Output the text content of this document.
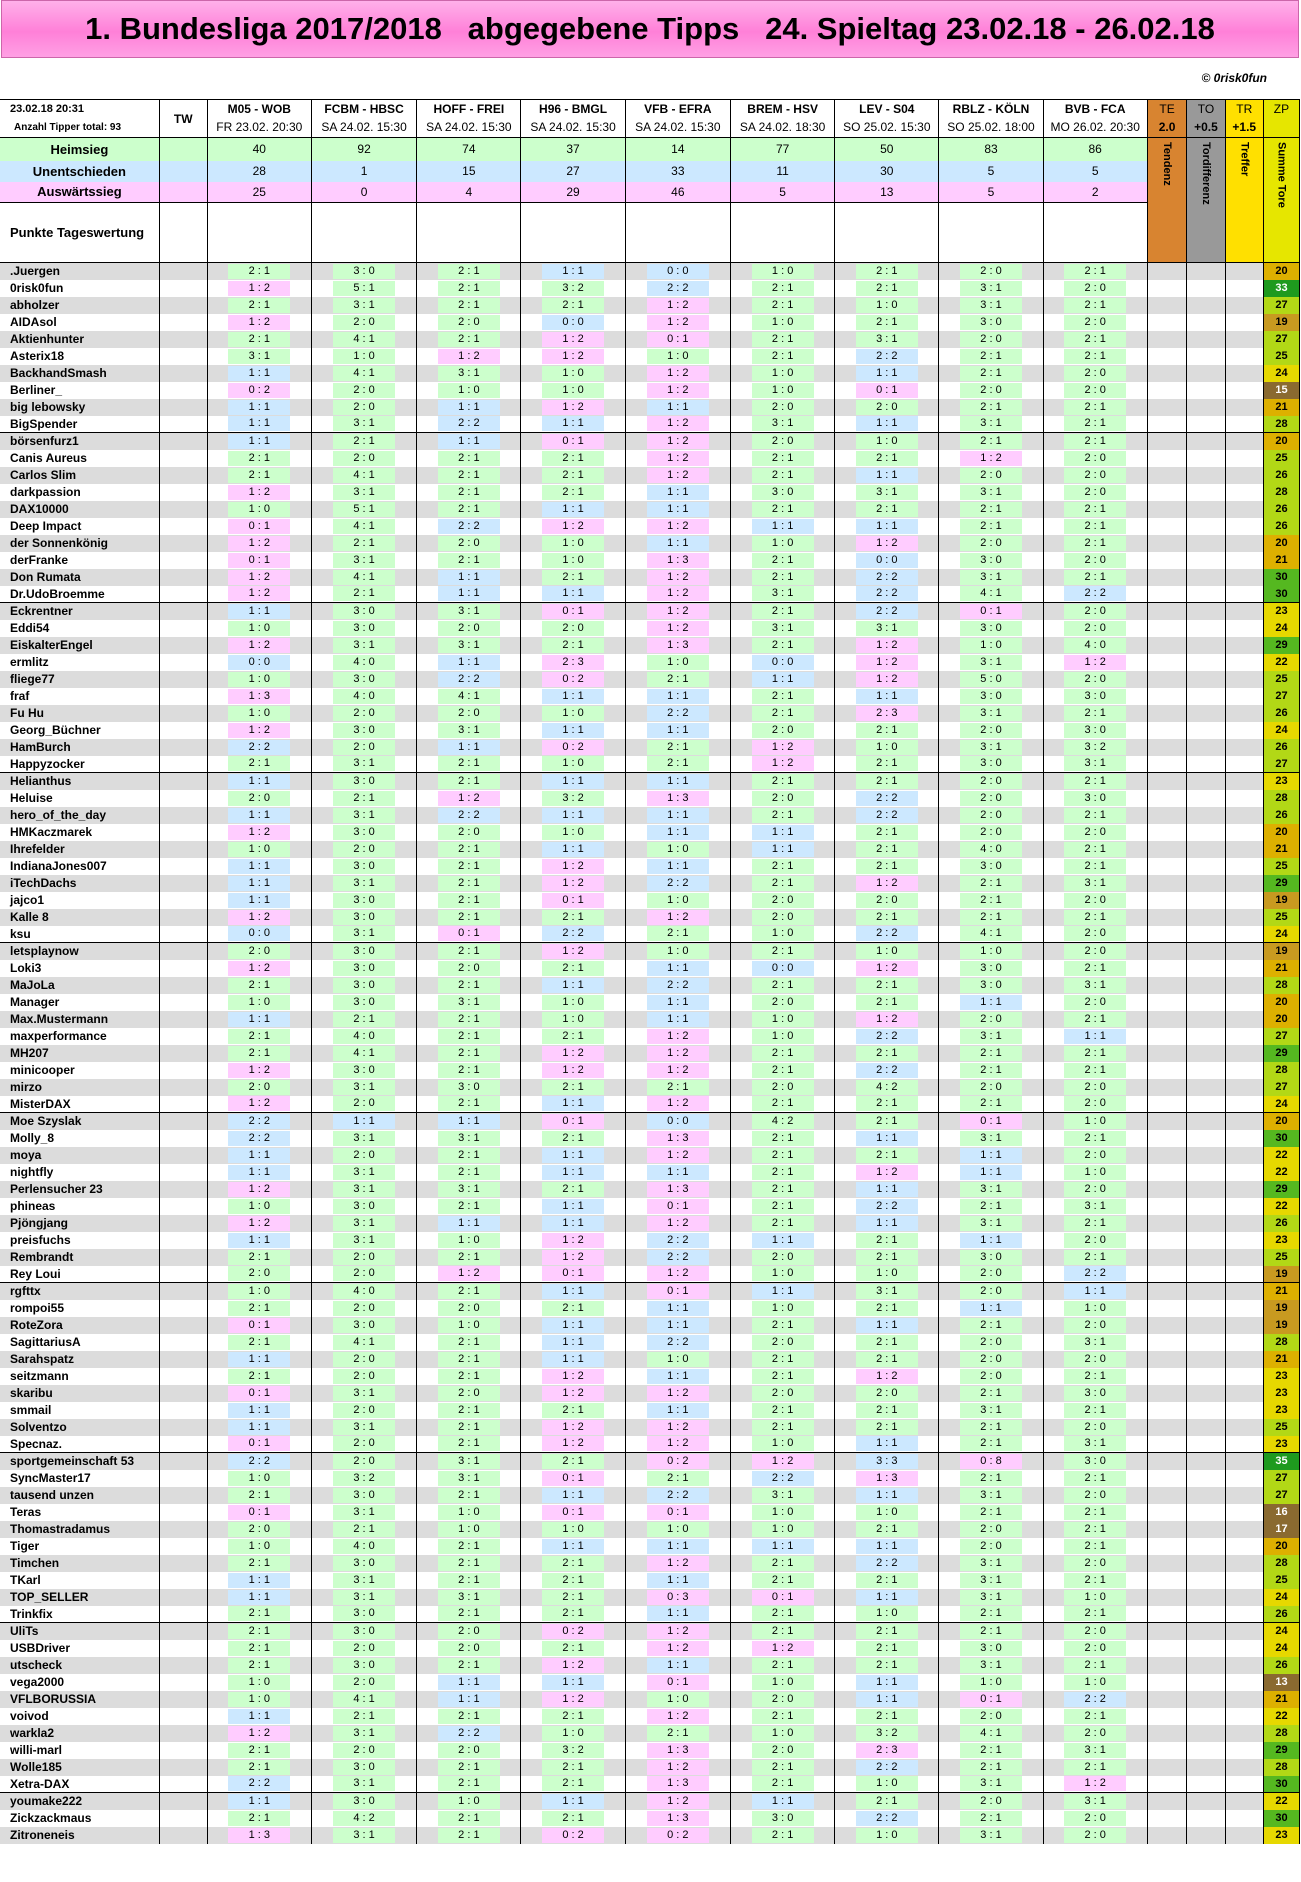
1. Bundesliga 2017/2018   abgegebene Tipps   24. Spieltag 23.02.18 - 26.02.18
© 0risk0fun
23.02.18 20:31	TW	M05 - WOB	FCBM - HBSC	HOFF - FREI	H96 - BMGL	VFB - EFRA	BREM - HSV	LEV - S04	RBLZ - KÖLN	BVB - FCA	TE	TO	TR	ZP
Anzahl Tipper total: 93		FR 23.02. 20:30	SA 24.02. 15:30	SA 24.02. 15:30	SA 24.02. 15:30	SA 24.02. 15:30	SA 24.02. 18:30	SO 25.02. 15:30	SO 25.02. 18:00	MO 26.02. 20:30	2.0	+0.5	+1.5	
Heimsieg		40	92	74	37	14	77	50	83	86	Tendenz	Tordifferenz	Treffer	Summe Tore
Unentschieden		28	1	15	27	33	11	30	5	5				
Auswärtssieg		25	0	4	29	46	5	13	5	2				
Punkte Tageswertung														
.Juergen		2 : 1	3 : 0	2 : 1	1 : 1	0 : 0	1 : 0	2 : 1	2 : 0	2 : 1				20
0risk0fun		1 : 2	5 : 1	2 : 1	3 : 2	2 : 2	2 : 1	2 : 1	3 : 1	2 : 0				33
abholzer		2 : 1	3 : 1	2 : 1	2 : 1	1 : 2	2 : 1	1 : 0	3 : 1	2 : 1				27
AIDAsol		1 : 2	2 : 0	2 : 0	0 : 0	1 : 2	1 : 0	2 : 1	3 : 0	2 : 0				19
Aktienhunter		2 : 1	4 : 1	2 : 1	1 : 2	0 : 1	2 : 1	3 : 1	2 : 0	2 : 1				27
Asterix18		3 : 1	1 : 0	1 : 2	1 : 2	1 : 0	2 : 1	2 : 2	2 : 1	2 : 1				25
BackhandSmash		1 : 1	4 : 1	3 : 1	1 : 0	1 : 2	1 : 0	1 : 1	2 : 1	2 : 0				24
Berliner_		0 : 2	2 : 0	1 : 0	1 : 0	1 : 2	1 : 0	0 : 1	2 : 0	2 : 0				15
big lebowsky		1 : 1	2 : 0	1 : 1	1 : 2	1 : 1	2 : 0	2 : 0	2 : 1	2 : 1				21
BigSpender		1 : 1	3 : 1	2 : 2	1 : 1	1 : 2	3 : 1	1 : 1	3 : 1	2 : 1				28
börsenfurz1		1 : 1	2 : 1	1 : 1	0 : 1	1 : 2	2 : 0	1 : 0	2 : 1	2 : 1				20
Canis Aureus		2 : 1	2 : 0	2 : 1	2 : 1	1 : 2	2 : 1	2 : 1	1 : 2	2 : 0				25
Carlos Slim		2 : 1	4 : 1	2 : 1	2 : 1	1 : 2	2 : 1	1 : 1	2 : 0	2 : 0				26
darkpassion		1 : 2	3 : 1	2 : 1	2 : 1	1 : 1	3 : 0	3 : 1	3 : 1	2 : 0				28
DAX10000		1 : 0	5 : 1	2 : 1	1 : 1	1 : 1	2 : 1	2 : 1	2 : 1	2 : 1				26
Deep Impact		0 : 1	4 : 1	2 : 2	1 : 2	1 : 2	1 : 1	1 : 1	2 : 1	2 : 1				26
der Sonnenkönig		1 : 2	2 : 1	2 : 0	1 : 0	1 : 1	1 : 0	1 : 2	2 : 0	2 : 1				20
derFranke		0 : 1	3 : 1	2 : 1	1 : 0	1 : 3	2 : 1	0 : 0	3 : 0	2 : 0				21
Don Rumata		1 : 2	4 : 1	1 : 1	2 : 1	1 : 2	2 : 1	2 : 2	3 : 1	2 : 1				30
Dr.UdoBroemme		1 : 2	2 : 1	1 : 1	1 : 1	1 : 2	3 : 1	2 : 2	4 : 1	2 : 2				30
Eckrentner		1 : 1	3 : 0	3 : 1	0 : 1	1 : 2	2 : 1	2 : 2	0 : 1	2 : 0				23
Eddi54		1 : 0	3 : 0	2 : 0	2 : 0	1 : 2	3 : 1	3 : 1	3 : 0	2 : 0				24
EiskalterEngel		1 : 2	3 : 1	3 : 1	2 : 1	1 : 3	2 : 1	1 : 2	1 : 0	4 : 0				29
ermlitz		0 : 0	4 : 0	1 : 1	2 : 3	1 : 0	0 : 0	1 : 2	3 : 1	1 : 2				22
fliege77		1 : 0	3 : 0	2 : 2	0 : 2	2 : 1	1 : 1	1 : 2	5 : 0	2 : 0				25
fraf		1 : 3	4 : 0	4 : 1	1 : 1	1 : 1	2 : 1	1 : 1	3 : 0	3 : 0				27
Fu Hu		1 : 0	2 : 0	2 : 0	1 : 0	2 : 2	2 : 1	2 : 3	3 : 1	2 : 1				26
Georg_Büchner		1 : 2	3 : 0	3 : 1	1 : 1	1 : 1	2 : 0	2 : 1	2 : 0	3 : 0				24
HamBurch		2 : 2	2 : 0	1 : 1	0 : 2	2 : 1	1 : 2	1 : 0	3 : 1	3 : 2				26
Happyzocker		2 : 1	3 : 1	2 : 1	1 : 0	2 : 1	1 : 2	2 : 1	3 : 0	3 : 1				27
Helianthus		1 : 1	3 : 0	2 : 1	1 : 1	1 : 1	2 : 1	2 : 1	2 : 0	2 : 1				23
Heluise		2 : 0	2 : 1	1 : 2	3 : 2	1 : 3	2 : 0	2 : 2	2 : 0	3 : 0				28
hero_of_the_day		1 : 1	3 : 1	2 : 2	1 : 1	1 : 1	2 : 1	2 : 2	2 : 0	2 : 1				26
HMKaczmarek		1 : 2	3 : 0	2 : 0	1 : 0	1 : 1	1 : 1	2 : 1	2 : 0	2 : 0				20
Ihrefelder		1 : 0	2 : 0	2 : 1	1 : 1	1 : 0	1 : 1	2 : 1	4 : 0	2 : 1				21
IndianaJones007		1 : 1	3 : 0	2 : 1	1 : 2	1 : 1	2 : 1	2 : 1	3 : 0	2 : 1				25
iTechDachs		1 : 1	3 : 1	2 : 1	1 : 2	2 : 2	2 : 1	1 : 2	2 : 1	3 : 1				29
jajco1		1 : 1	3 : 0	2 : 1	0 : 1	1 : 0	2 : 0	2 : 0	2 : 1	2 : 0				19
Kalle 8		1 : 2	3 : 0	2 : 1	2 : 1	1 : 2	2 : 0	2 : 1	2 : 1	2 : 1				25
ksu		0 : 0	3 : 1	0 : 1	2 : 2	2 : 1	1 : 0	2 : 2	4 : 1	2 : 0				24
letsplaynow		2 : 0	3 : 0	2 : 1	1 : 2	1 : 0	2 : 1	1 : 0	1 : 0	2 : 0				19
Loki3		1 : 2	3 : 0	2 : 0	2 : 1	1 : 1	0 : 0	1 : 2	3 : 0	2 : 1				21
MaJoLa		2 : 1	3 : 0	2 : 1	1 : 1	2 : 2	2 : 1	2 : 1	3 : 0	3 : 1				28
Manager		1 : 0	3 : 0	3 : 1	1 : 0	1 : 1	2 : 0	2 : 1	1 : 1	2 : 0				20
Max.Mustermann		1 : 1	2 : 1	2 : 1	1 : 0	1 : 1	1 : 0	1 : 2	2 : 0	2 : 1				20
maxperformance		2 : 1	4 : 0	2 : 1	2 : 1	1 : 2	1 : 0	2 : 2	3 : 1	1 : 1				27
MH207		2 : 1	4 : 1	2 : 1	1 : 2	1 : 2	2 : 1	2 : 1	2 : 1	2 : 1				29
minicooper		1 : 2	3 : 0	2 : 1	1 : 2	1 : 2	2 : 1	2 : 2	2 : 1	2 : 1				28
mirzo		2 : 0	3 : 1	3 : 0	2 : 1	2 : 1	2 : 0	4 : 2	2 : 0	2 : 0				27
MisterDAX		1 : 2	2 : 0	2 : 1	1 : 1	1 : 2	2 : 1	2 : 1	2 : 1	2 : 0				24
Moe Szyslak		2 : 2	1 : 1	1 : 1	0 : 1	0 : 0	4 : 2	2 : 1	0 : 1	1 : 0				20
Molly_8		2 : 2	3 : 1	3 : 1	2 : 1	1 : 3	2 : 1	1 : 1	3 : 1	2 : 1				30
moya		1 : 1	2 : 0	2 : 1	1 : 1	1 : 2	2 : 1	2 : 1	1 : 1	2 : 0				22
nightfly		1 : 1	3 : 1	2 : 1	1 : 1	1 : 1	2 : 1	1 : 2	1 : 1	1 : 0				22
Perlensucher 23		1 : 2	3 : 1	3 : 1	2 : 1	1 : 3	2 : 1	1 : 1	3 : 1	2 : 0				29
phineas		1 : 0	3 : 0	2 : 1	1 : 1	0 : 1	2 : 1	2 : 2	2 : 1	3 : 1				22
Pjöngjang		1 : 2	3 : 1	1 : 1	1 : 1	1 : 2	2 : 1	1 : 1	3 : 1	2 : 1				26
preisfuchs		1 : 1	3 : 1	1 : 0	1 : 2	2 : 2	1 : 1	2 : 1	1 : 1	2 : 0				23
Rembrandt		2 : 1	2 : 0	2 : 1	1 : 2	2 : 2	2 : 0	2 : 1	3 : 0	2 : 1				25
Rey Loui		2 : 0	2 : 0	1 : 2	0 : 1	1 : 2	1 : 0	1 : 0	2 : 0	2 : 2				19
rgfttx		1 : 0	4 : 0	2 : 1	1 : 1	0 : 1	1 : 1	3 : 1	2 : 0	1 : 1				21
rompoi55		2 : 1	2 : 0	2 : 0	2 : 1	1 : 1	1 : 0	2 : 1	1 : 1	1 : 0				19
RoteZora		0 : 1	3 : 0	1 : 0	1 : 1	1 : 1	2 : 1	1 : 1	2 : 1	2 : 0				19
SagittariusA		2 : 1	4 : 1	2 : 1	1 : 1	2 : 2	2 : 0	2 : 1	2 : 0	3 : 1				28
Sarahspatz		1 : 1	2 : 0	2 : 1	1 : 1	1 : 0	2 : 1	2 : 1	2 : 0	2 : 0				21
seitzmann		2 : 1	2 : 0	2 : 1	1 : 2	1 : 1	2 : 1	1 : 2	2 : 0	2 : 1				23
skaribu		0 : 1	3 : 1	2 : 0	1 : 2	1 : 2	2 : 0	2 : 0	2 : 1	3 : 0				23
smmail		1 : 1	2 : 0	2 : 1	2 : 1	1 : 1	2 : 1	2 : 1	3 : 1	2 : 1				23
Solventzo		1 : 1	3 : 1	2 : 1	1 : 2	1 : 2	2 : 1	2 : 1	2 : 1	2 : 0				25
Specnaz.		0 : 1	2 : 0	2 : 1	1 : 2	1 : 2	1 : 0	1 : 1	2 : 1	3 : 1				23
sportgemeinschaft 53		2 : 2	2 : 0	3 : 1	2 : 1	0 : 2	1 : 2	3 : 3	0 : 8	3 : 0				35
SyncMaster17		1 : 0	3 : 2	3 : 1	0 : 1	2 : 1	2 : 2	1 : 3	2 : 1	2 : 1				27
tausend unzen		2 : 1	3 : 0	2 : 1	1 : 1	2 : 2	3 : 1	1 : 1	3 : 1	2 : 0				27
Teras		0 : 1	3 : 1	1 : 0	0 : 1	0 : 1	1 : 0	1 : 0	2 : 1	2 : 1				16
Thomastradamus		2 : 0	2 : 1	1 : 0	1 : 0	1 : 0	1 : 0	2 : 1	2 : 0	2 : 1				17
Tiger		1 : 0	4 : 0	2 : 1	1 : 1	1 : 1	1 : 1	1 : 1	2 : 0	2 : 1				20
Timchen		2 : 1	3 : 0	2 : 1	2 : 1	1 : 2	2 : 1	2 : 2	3 : 1	2 : 0				28
TKarl		1 : 1	3 : 1	2 : 1	2 : 1	1 : 1	2 : 1	2 : 1	3 : 1	2 : 1				25
TOP_SELLER		1 : 1	3 : 1	3 : 1	2 : 1	0 : 3	0 : 1	1 : 1	3 : 1	1 : 0				24
Trinkfix		2 : 1	3 : 0	2 : 1	2 : 1	1 : 1	2 : 1	1 : 0	2 : 1	2 : 1				26
UliTs		2 : 1	3 : 0	2 : 0	0 : 2	1 : 2	2 : 1	2 : 1	2 : 1	2 : 0				24
USBDriver		2 : 1	2 : 0	2 : 0	2 : 1	1 : 2	1 : 2	2 : 1	3 : 0	2 : 0				24
utscheck		2 : 1	3 : 0	2 : 1	1 : 2	1 : 1	2 : 1	2 : 1	3 : 1	2 : 1				26
vega2000		1 : 0	2 : 0	1 : 1	1 : 1	0 : 1	1 : 0	1 : 1	1 : 0	1 : 0				13
VFLBORUSSIA		1 : 0	4 : 1	1 : 1	1 : 2	1 : 0	2 : 0	1 : 1	0 : 1	2 : 2				21
voivod		1 : 1	2 : 1	2 : 1	2 : 1	1 : 2	2 : 1	2 : 1	2 : 0	2 : 1				22
warkla2		1 : 2	3 : 1	2 : 2	1 : 0	2 : 1	1 : 0	3 : 2	4 : 1	2 : 0				28
willi-marl		2 : 1	2 : 0	2 : 0	3 : 2	1 : 3	2 : 0	2 : 3	2 : 1	3 : 1				29
Wolle185		2 : 1	3 : 0	2 : 1	2 : 1	1 : 2	2 : 1	2 : 2	2 : 1	2 : 1				28
Xetra-DAX		2 : 2	3 : 1	2 : 1	2 : 1	1 : 3	2 : 1	1 : 0	3 : 1	1 : 2				30
youmake222		1 : 1	3 : 0	1 : 0	1 : 1	1 : 2	1 : 1	2 : 1	2 : 0	3 : 1				22
Zickzackmaus		2 : 1	4 : 2	2 : 1	2 : 1	1 : 3	3 : 0	2 : 2	2 : 1	2 : 0				30
Zitroneneis		1 : 3	3 : 1	2 : 1	0 : 2	0 : 2	2 : 1	1 : 0	3 : 1	2 : 0				23
